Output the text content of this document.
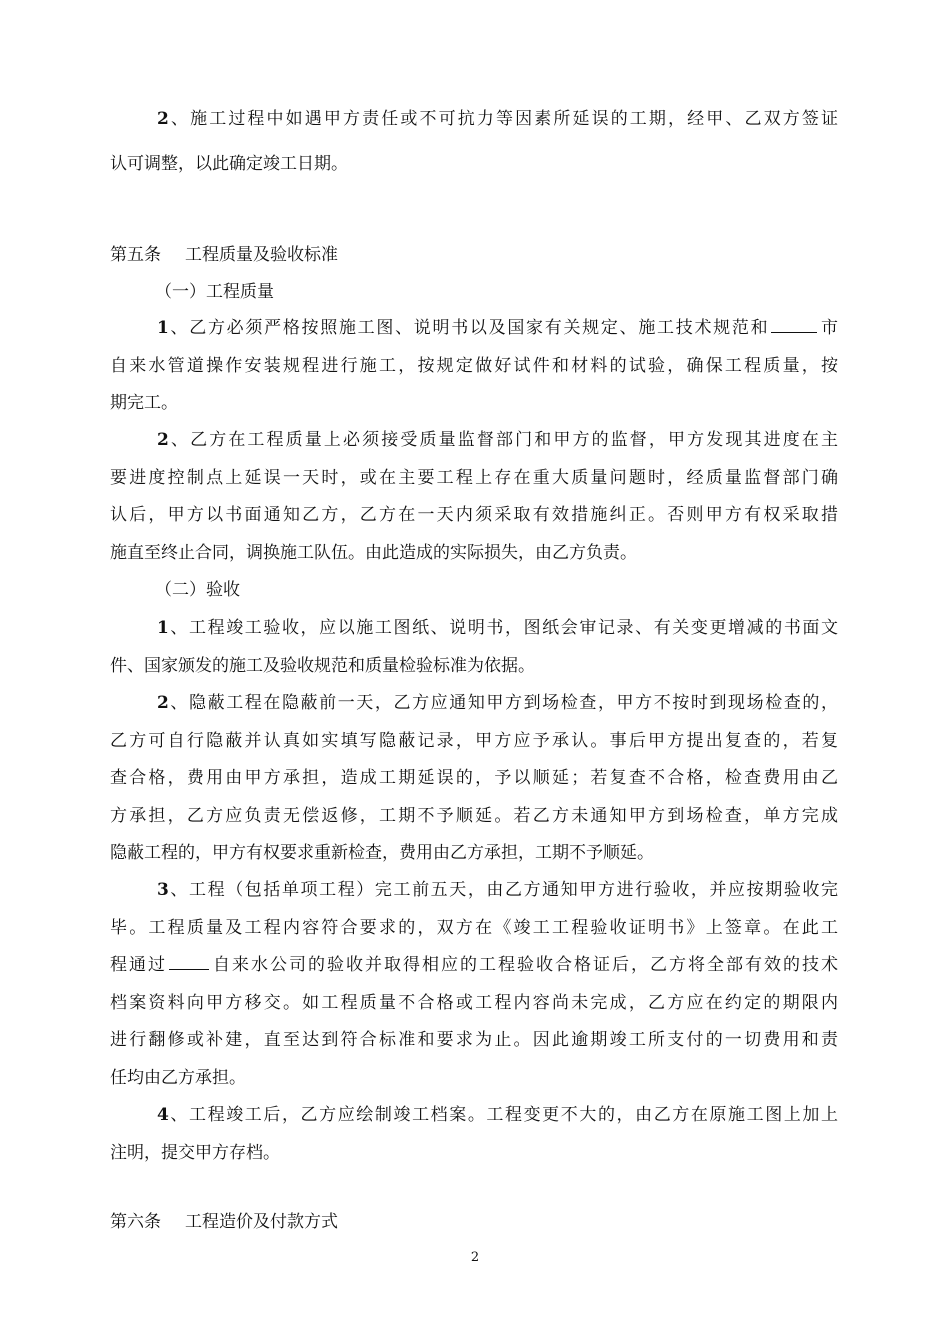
2、施工过程中如遇甲方责任或不可抗力等因素所延误的工期，经甲、乙双方签证
认可调整，以此确定竣工日期。
第五条 工程质量及验收标准
（一）工程质量
1、乙方必须严格按照施工图、说明书以及国家有关规定、施工技术规范和	市
自来水管道操作安装规程进行施工，按规定做好试件和材料的试验，确保工程质量，按
期完工。
2、乙方在工程质量上必须接受质量监督部门和甲方的监督，甲方发现其进度在主
要进度控制点上延误一天时，或在主要工程上存在重大质量问题时，经质量监督部门确
认后，甲方以书面通知乙方，乙方在一天内须采取有效措施纠正。否则甲方有权采取措
施直至终止合同，调换施工队伍。由此造成的实际损失，由乙方负责。
（二）验收
1、工程竣工验收，应以施工图纸、说明书，图纸会审记录、有关变更增减的书面文
件、国家颁发的施工及验收规范和质量检验标准为依据。
2、隐蔽工程在隐蔽前一天，乙方应通知甲方到场检查，甲方不按时到现场检查的，
乙方可自行隐蔽并认真如实填写隐蔽记录，甲方应予承认。事后甲方提出复查的，若复
查合格，费用由甲方承担，造成工期延误的，予以顺延；若复查不合格，检查费用由乙
方承担，乙方应负责无偿返修，工期不予顺延。若乙方未通知甲方到场检查，单方完成
隐蔽工程的，甲方有权要求重新检查，费用由乙方承担，工期不予顺延。
3、工程（包括单项工程）完工前五天，由乙方通知甲方进行验收，并应按期验收完
毕。工程质量及工程内容符合要求的，双方在《竣工工程验收证明书》上签章。在此工
程通过	自来水公司的验收并取得相应的工程验收合格证后，乙方将全部有效的技术
档案资料向甲方移交。如工程质量不合格或工程内容尚未完成，乙方应在约定的期限内
进行翻修或补建，直至达到符合标准和要求为止。因此逾期竣工所支付的一切费用和责
任均由乙方承担。
4、工程竣工后，乙方应绘制竣工档案。工程变更不大的，由乙方在原施工图上加上
注明，提交甲方存档。
第六条 工程造价及付款方式
2
